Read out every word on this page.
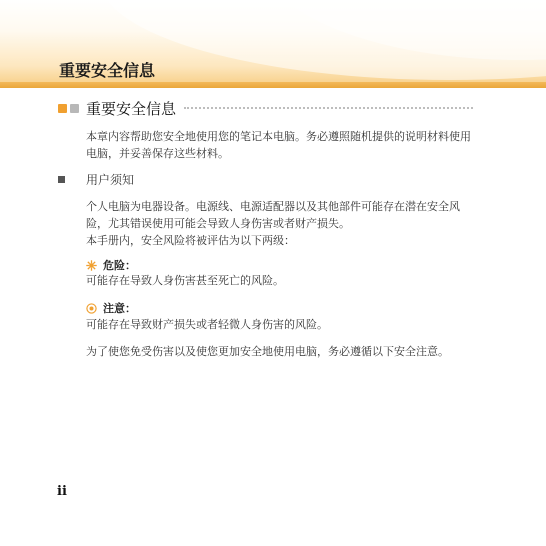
重要安全信息
重要安全信息

本章内容帮助您安全地使用您的笔记本电脑。务必遵照随机提供的说明材料使用电脑，并妥善保存这些材料。

用户须知

个人电脑为电器设备。电源线、电源适配器以及其他部件可能存在潜在安全风险，尤其错误使用可能会导致人身伤害或者财产损失。

本手册内，安全风险将被评估为以下两级：

危险：

可能存在导致人身伤害甚至死亡的风险。

注意：

可能存在导致财产损失或者轻微人身伤害的风险。

为了使您免受伤害以及使您更加安全地使用电脑，务必遵循以下安全注意。

ii
